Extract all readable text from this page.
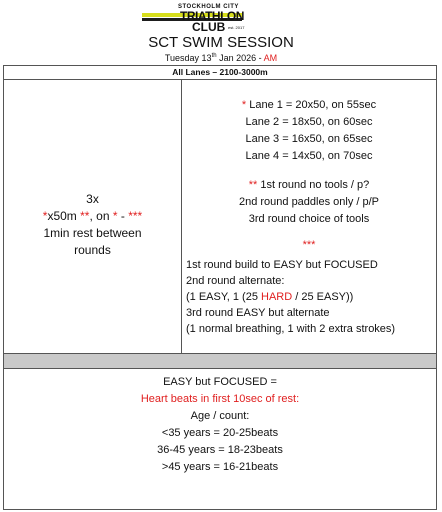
STOCKHOLM CITY
TRIATHLON
CLUB est. 2017
SCT SWIM SESSION
Tuesday 13th Jan 2026 - AM
All Lanes – 2100-3000m
3x
*x50m **, on * - ***
1min rest between
rounds
* Lane 1 = 20x50, on 55sec
Lane 2 = 18x50, on 60sec
Lane 3 = 16x50, on 65sec
Lane 4 = 14x50, on 70sec
** 1st round no tools / p?
2nd round paddles only / p/P
3rd round choice of tools
***
1st round build to EASY but FOCUSED
2nd round alternate:
(1 EASY, 1 (25 HARD / 25 EASY))
3rd round EASY but alternate
(1 normal breathing, 1 with 2 extra strokes)
EASY but FOCUSED =
Heart beats in first 10sec of rest:
Age / count:
<35 years = 20-25beats
36-45 years = 18-23beats
>45 years = 16-21beats
